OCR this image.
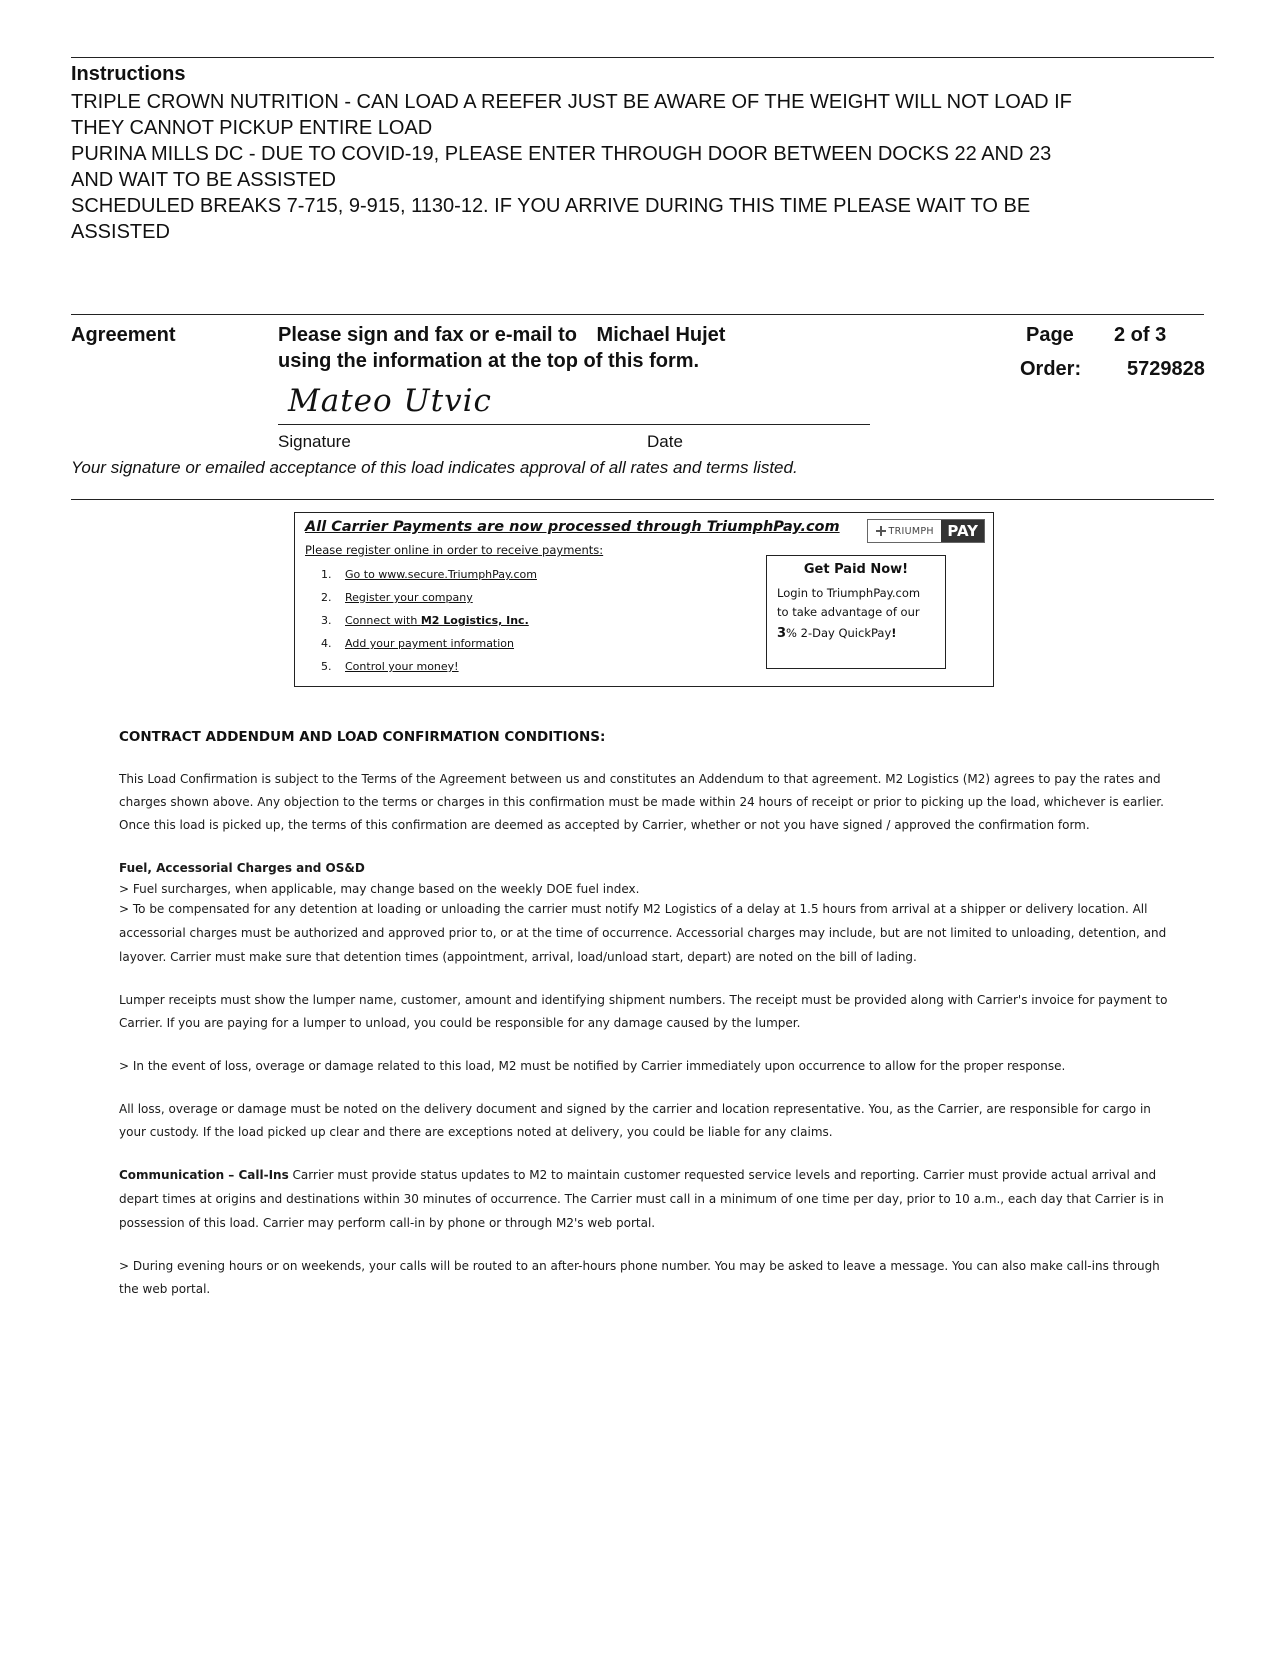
Instructions
TRIPLE CROWN NUTRITION - CAN LOAD A REEFER JUST BE AWARE OF THE WEIGHT WILL NOT LOAD IF
THEY CANNOT PICKUP ENTIRE LOAD
PURINA MILLS DC - DUE TO COVID-19, PLEASE ENTER THROUGH DOOR BETWEEN DOCKS 22 AND 23
AND WAIT TO BE ASSISTED
SCHEDULED BREAKS 7-715, 9-915, 1130-12. IF YOU ARRIVE DURING THIS TIME PLEASE WAIT TO BE
ASSISTED
Agreement	Please sign and fax or e-mail to Michael Hujet
using the information at the top of this form.
Page 2 of 3
Order: 5729828
Mateo Utvic
Signature	Date
Your signature or emailed acceptance of this load indicates approval of all rates and terms listed.
All Carrier Payments are now processed through TriumphPay.com	TRIUMPH PAY
Please register online in order to receive payments:
1. Go to www.secure.TriumphPay.com
2. Register your company
3. Connect with M2 Logistics, Inc.
4. Add your payment information
5. Control your money!
Get Paid Now!
Login to TriumphPay.com
to take advantage of our
3% 2-Day QuickPay!
CONTRACT ADDENDUM AND LOAD CONFIRMATION CONDITIONS:
This Load Confirmation is subject to the Terms of the Agreement between us and constitutes an Addendum to that agreement. M2 Logistics (M2) agrees to pay the rates and
charges shown above. Any objection to the terms or charges in this confirmation must be made within 24 hours of receipt or prior to picking up the load, whichever is earlier.
Once this load is picked up, the terms of this confirmation are deemed as accepted by Carrier, whether or not you have signed / approved the confirmation form.
Fuel, Accessorial Charges and OS&D
> Fuel surcharges, when applicable, may change based on the weekly DOE fuel index.
> To be compensated for any detention at loading or unloading the carrier must notify M2 Logistics of a delay at 1.5 hours from arrival at a shipper or delivery location. All
accessorial charges must be authorized and approved prior to, or at the time of occurrence. Accessorial charges may include, but are not limited to unloading, detention, and
layover. Carrier must make sure that detention times (appointment, arrival, load/unload start, depart) are noted on the bill of lading.
Lumper receipts must show the lumper name, customer, amount and identifying shipment numbers. The receipt must be provided along with Carrier's invoice for payment to
Carrier. If you are paying for a lumper to unload, you could be responsible for any damage caused by the lumper.
> In the event of loss, overage or damage related to this load, M2 must be notified by Carrier immediately upon occurrence to allow for the proper response.
All loss, overage or damage must be noted on the delivery document and signed by the carrier and location representative. You, as the Carrier, are responsible for cargo in
your custody. If the load picked up clear and there are exceptions noted at delivery, you could be liable for any claims.
Communication – Call-Ins Carrier must provide status updates to M2 to maintain customer requested service levels and reporting. Carrier must provide actual arrival and
depart times at origins and destinations within 30 minutes of occurrence. The Carrier must call in a minimum of one time per day, prior to 10 a.m., each day that Carrier is in
possession of this load. Carrier may perform call-in by phone or through M2's web portal.
> During evening hours or on weekends, your calls will be routed to an after-hours phone number. You may be asked to leave a message. You can also make call-ins through
the web portal.
